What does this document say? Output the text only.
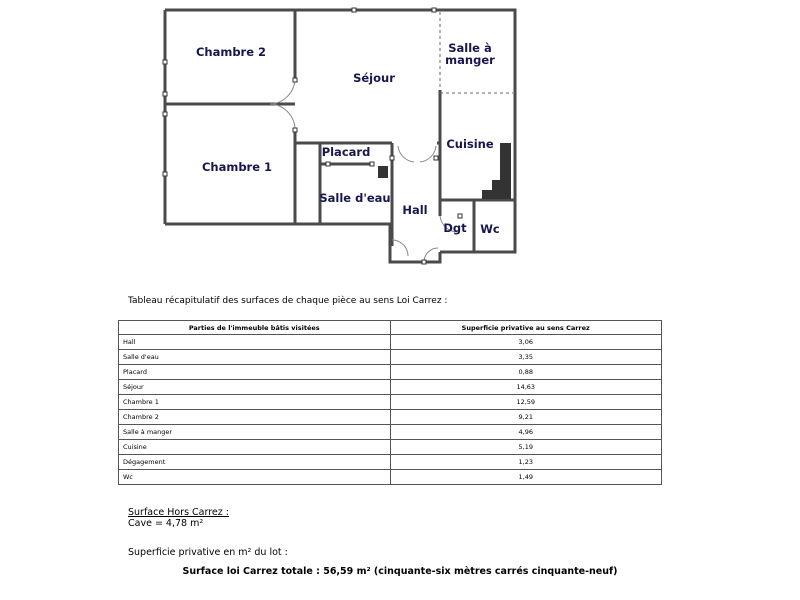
Chambre 2
Séjour
Salle à
manger
Cuisine
Placard
Chambre 1
Salle d'eau
Hall
Dgt Wc
Tableau récapitulatif des surfaces de chaque pièce au sens Loi Carrez :
Parties de l'immeuble bâtis visitées	Superficie privative au sens Carrez
Hall	3,06
Salle d'eau	3,35
Placard	0,88
Séjour	14,63
Chambre 1	12,59
Chambre 2	9,21
Salle à manger	4,96
Cuisine	5,19
Dégagement	1,23
Wc	1,49
Surface Hors Carrez :
Cave = 4,78 m²
Superficie privative en m² du lot :
Surface loi Carrez totale : 56,59 m² (cinquante-six mètres carrés cinquante-neuf)
